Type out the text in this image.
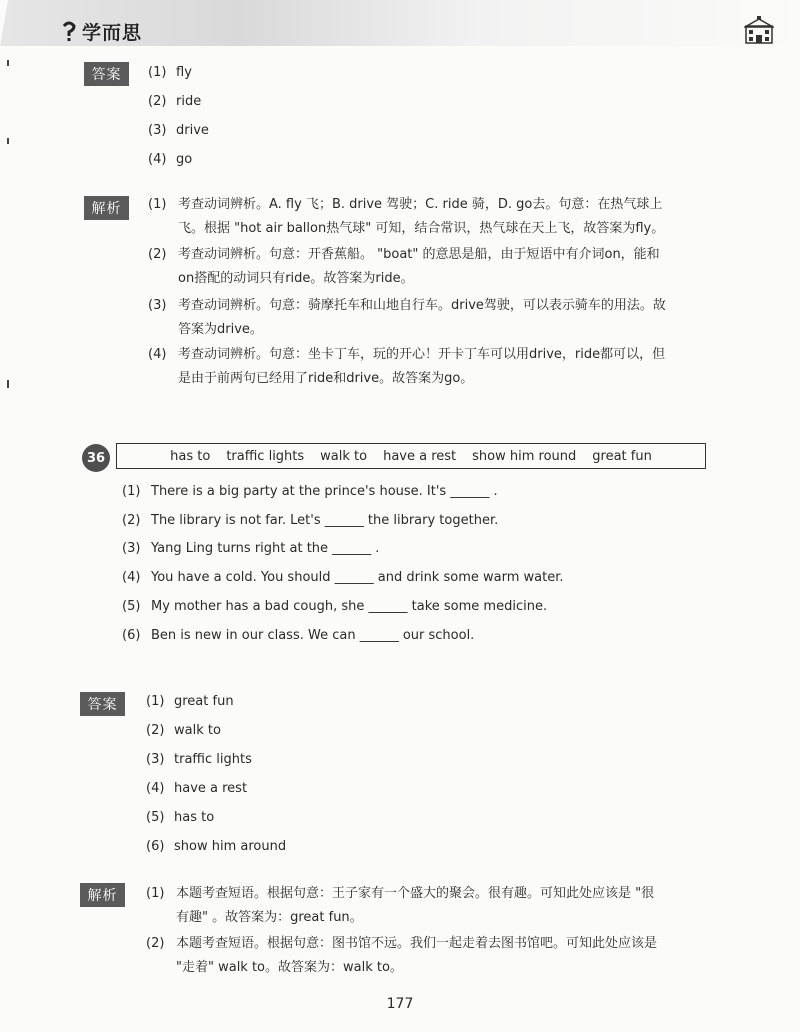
学而思
答案	(1) fly
(2) ride
(3) drive
(4) go
解析	(1) 考查动词辨析。A. fly 飞；B. drive 驾驶；C. ride 骑，D. go去。句意：在热气球上
飞。根据 "hot air ballon热气球" 可知，结合常识，热气球在天上飞，故答案为fly。
(2) 考查动词辨析。句意：开香蕉船。 "boat" 的意思是船，由于短语中有介词on，能和
on搭配的动词只有ride。故答案为ride。
(3) 考查动词辨析。句意：骑摩托车和山地自行车。drive驾驶，可以表示骑车的用法。故
答案为drive。
(4) 考查动词辨析。句意：坐卡丁车，玩的开心！开卡丁车可以用drive，ride都可以，但
是由于前两句已经用了ride和drive。故答案为go。
36	has to traffic lights walk to have a rest show him round great fun
(1) There is a big party at the prince's house. It's ______ .
(2) The library is not far. Let's ______ the library together.
(3) Yang Ling turns right at the ______ .
(4) You have a cold. You should ______ and drink some warm water.
(5) My mother has a bad cough, she ______ take some medicine.
(6) Ben is new in our class. We can ______ our school.
答案	(1) great fun
(2) walk to
(3) traffic lights
(4) have a rest
(5) has to
(6) show him around
解析	(1) 本题考查短语。根据句意：王子家有一个盛大的聚会。很有趣。可知此处应该是 "很
有趣" 。故答案为：great fun。
(2) 本题考查短语。根据句意：图书馆不远。我们一起走着去图书馆吧。可知此处应该是
"走着" walk to。故答案为：walk to。
177
